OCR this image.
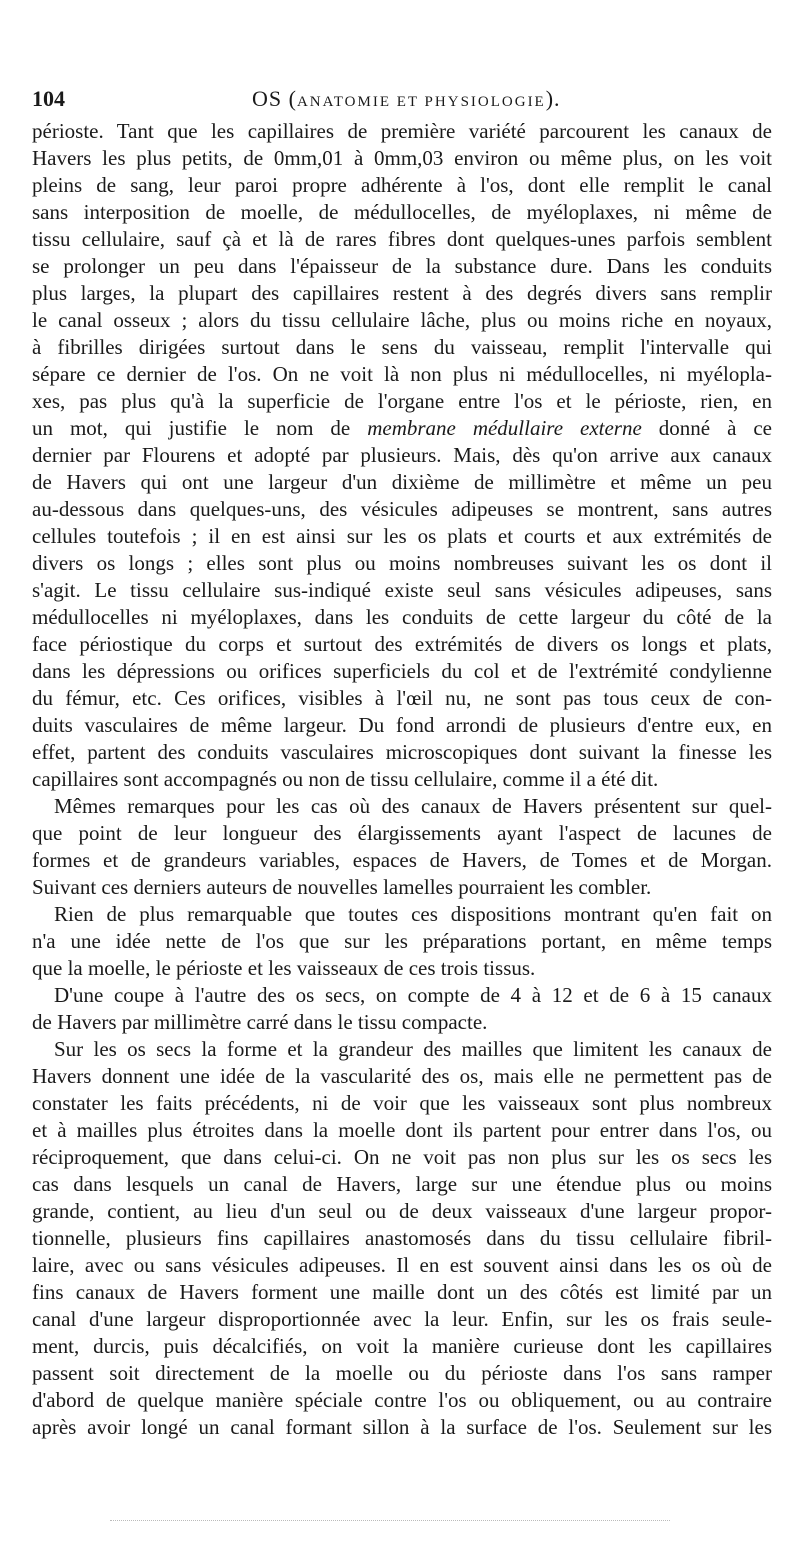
104	OS (ANATOMIE ET PHYSIOLOGIE).
périoste. Tant que les capillaires de première variété parcourent les canaux de
Havers les plus petits, de 0mm,01 à 0mm,03 environ ou même plus, on les voit
pleins de sang, leur paroi propre adhérente à l'os, dont elle remplit le canal
sans interposition de moelle, de médullocelles, de myéloplaxes, ni même de
tissu cellulaire, sauf çà et là de rares fibres dont quelques-unes parfois semblent
se prolonger un peu dans l'épaisseur de la substance dure. Dans les conduits
plus larges, la plupart des capillaires restent à des degrés divers sans remplir
le canal osseux ; alors du tissu cellulaire lâche, plus ou moins riche en noyaux,
à fibrilles dirigées surtout dans le sens du vaisseau, remplit l'intervalle qui
sépare ce dernier de l'os. On ne voit là non plus ni médullocelles, ni myélopla-
xes, pas plus qu'à la superficie de l'organe entre l'os et le périoste, rien, en
un mot, qui justifie le nom de membrane médullaire externe donné à ce
dernier par Flourens et adopté par plusieurs. Mais, dès qu'on arrive aux canaux
de Havers qui ont une largeur d'un dixième de millimètre et même un peu
au-dessous dans quelques-uns, des vésicules adipeuses se montrent, sans autres
cellules toutefois ; il en est ainsi sur les os plats et courts et aux extrémités de
divers os longs ; elles sont plus ou moins nombreuses suivant les os dont il
s'agit. Le tissu cellulaire sus-indiqué existe seul sans vésicules adipeuses, sans
médullocelles ni myéloplaxes, dans les conduits de cette largeur du côté de la
face périostique du corps et surtout des extrémités de divers os longs et plats,
dans les dépressions ou orifices superficiels du col et de l'extrémité condylienne
du fémur, etc. Ces orifices, visibles à l'œil nu, ne sont pas tous ceux de con-
duits vasculaires de même largeur. Du fond arrondi de plusieurs d'entre eux, en
effet, partent des conduits vasculaires microscopiques dont suivant la finesse les
capillaires sont accompagnés ou non de tissu cellulaire, comme il a été dit.
Mêmes remarques pour les cas où des canaux de Havers présentent sur quel-
que point de leur longueur des élargissements ayant l'aspect de lacunes de
formes et de grandeurs variables, espaces de Havers, de Tomes et de Morgan.
Suivant ces derniers auteurs de nouvelles lamelles pourraient les combler.
Rien de plus remarquable que toutes ces dispositions montrant qu'en fait on
n'a une idée nette de l'os que sur les préparations portant, en même temps
que la moelle, le périoste et les vaisseaux de ces trois tissus.
D'une coupe à l'autre des os secs, on compte de 4 à 12 et de 6 à 15 canaux
de Havers par millimètre carré dans le tissu compacte.
Sur les os secs la forme et la grandeur des mailles que limitent les canaux de
Havers donnent une idée de la vascularité des os, mais elle ne permettent pas de
constater les faits précédents, ni de voir que les vaisseaux sont plus nombreux
et à mailles plus étroites dans la moelle dont ils partent pour entrer dans l'os, ou
réciproquement, que dans celui-ci. On ne voit pas non plus sur les os secs les
cas dans lesquels un canal de Havers, large sur une étendue plus ou moins
grande, contient, au lieu d'un seul ou de deux vaisseaux d'une largeur propor-
tionnelle, plusieurs fins capillaires anastomosés dans du tissu cellulaire fibril-
laire, avec ou sans vésicules adipeuses. Il en est souvent ainsi dans les os où de
fins canaux de Havers forment une maille dont un des côtés est limité par un
canal d'une largeur disproportionnée avec la leur. Enfin, sur les os frais seule-
ment, durcis, puis décalcifiés, on voit la manière curieuse dont les capillaires
passent soit directement de la moelle ou du périoste dans l'os sans ramper
d'abord de quelque manière spéciale contre l'os ou obliquement, ou au contraire
après avoir longé un canal formant sillon à la surface de l'os. Seulement sur les
